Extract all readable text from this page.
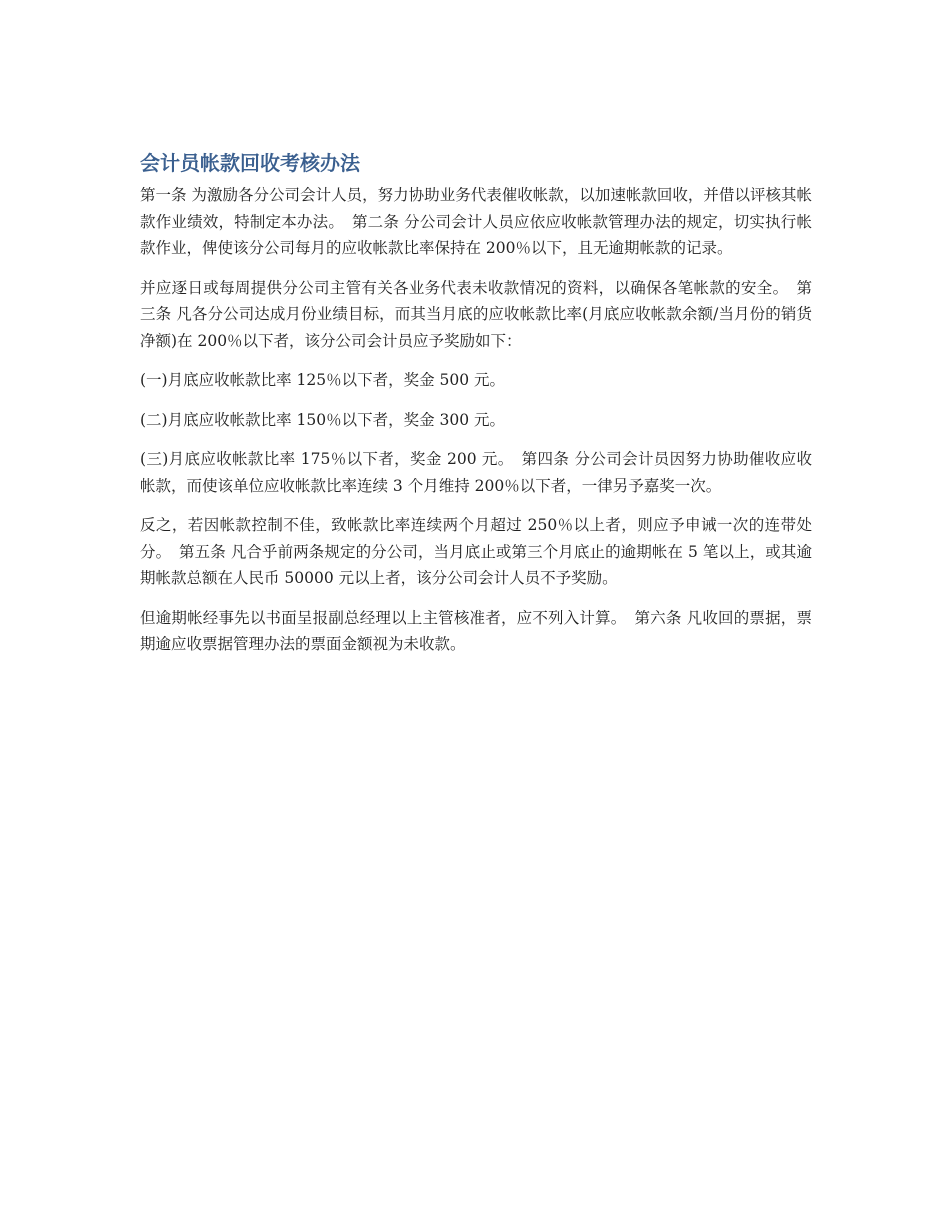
会计员帐款回收考核办法

第一条 为激励各分公司会计人员，努力协助业务代表催收帐款，以加速帐款回收，并借以评核其帐款作业绩效，特制定本办法。　第二条 分公司会计人员应依应收帐款管理办法的规定，切实执行帐款作业，俾使该分公司每月的应收帐款比率保持在 200％以下，且无逾期帐款的记录。

并应逐日或每周提供分公司主管有关各业务代表未收款情况的资料，以确保各笔帐款的安全。　第三条 凡各分公司达成月份业绩目标，而其当月底的应收帐款比率(月底应收帐款余额/当月份的销货净额)在 200％以下者，该分公司会计员应予奖励如下：

(一)月底应收帐款比率 125％以下者，奖金 500 元。

(二)月底应收帐款比率 150％以下者，奖金 300 元。

(三)月底应收帐款比率 175％以下者，奖金 200 元。　第四条 分公司会计员因努力协助催收应收帐款，而使该单位应收帐款比率连续 3 个月维持 200％以下者，一律另予嘉奖一次。

反之，若因帐款控制不佳，致帐款比率连续两个月超过 250％以上者，则应予申诫一次的连带处分。　第五条 凡合乎前两条规定的分公司，当月底止或第三个月底止的逾期帐在 5 笔以上，或其逾期帐款总额在人民币 50000 元以上者，该分公司会计人员不予奖励。

但逾期帐经事先以书面呈报副总经理以上主管核准者，应不列入计算。　第六条 凡收回的票据，票期逾应收票据管理办法的票面金额视为未收款。
